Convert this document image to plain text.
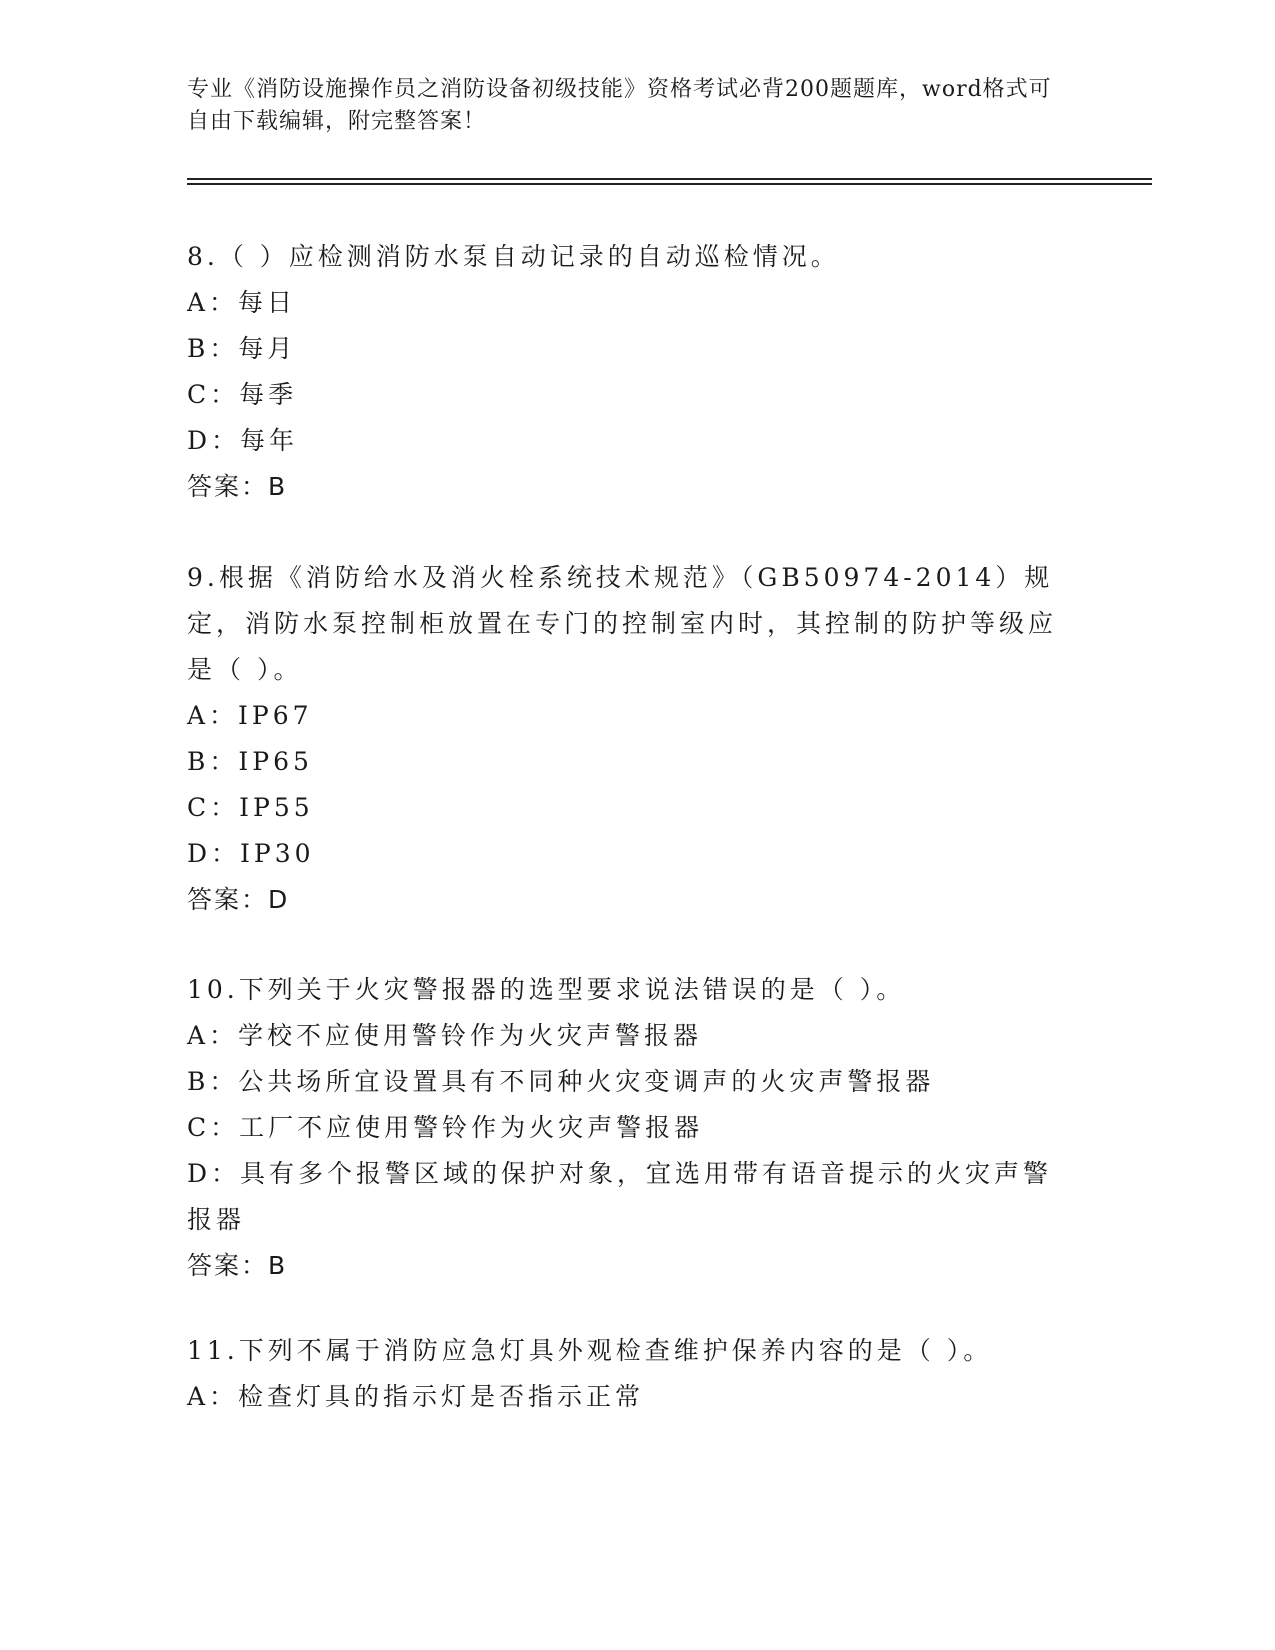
专业《消防设施操作员之消防设备初级技能》资格考试必背200题题库，word格式可自由下载编辑，附完整答案！

8.（ ）应检测消防水泵自动记录的自动巡检情况。

A：每日

B：每月

C：每季

D：每年

答案：B

9.根据《消防给水及消火栓系统技术规范》（GB50974-2014）规定，消防水泵控制柜放置在专门的控制室内时，其控制的防护等级应是（ ）。

A：IP67

B：IP65

C：IP55

D：IP30

答案：D

10.下列关于火灾警报器的选型要求说法错误的是（ ）。

A：学校不应使用警铃作为火灾声警报器

B：公共场所宜设置具有不同种火灾变调声的火灾声警报器

C：工厂不应使用警铃作为火灾声警报器

D：具有多个报警区域的保护对象，宜选用带有语音提示的火灾声警报器

答案：B

11.下列不属于消防应急灯具外观检查维护保养内容的是（ ）。

A：检查灯具的指示灯是否指示正常
